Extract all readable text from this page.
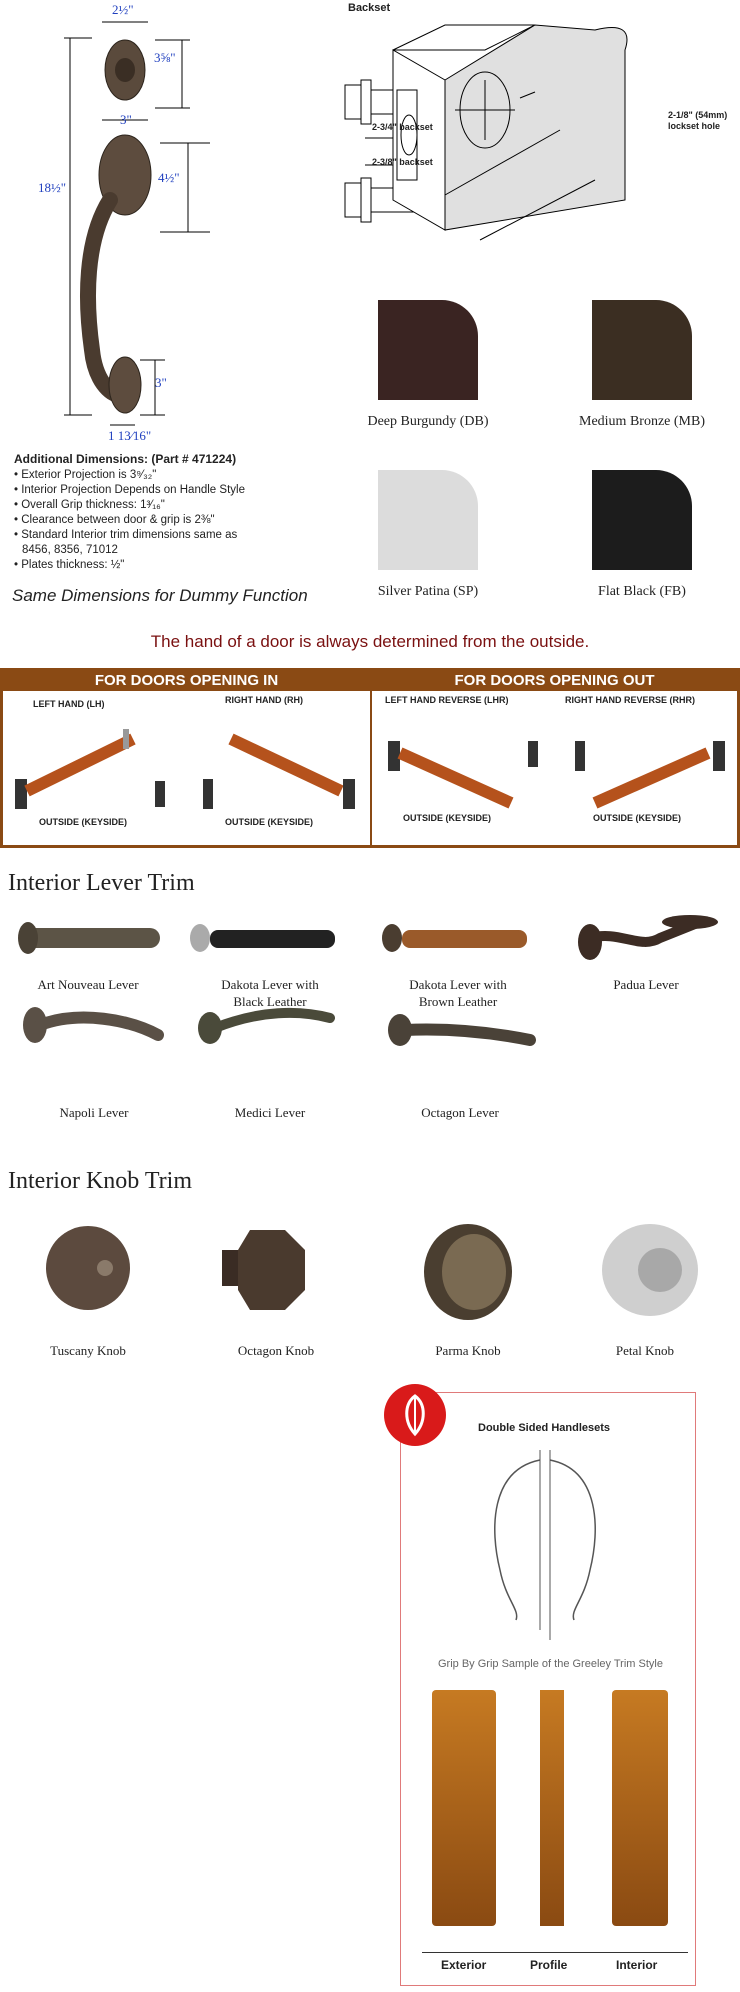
2½"
3⅝"
3"
4½"
18½"
3"
1 13⁄16"
Backset
2-3/4" backset
2-3/8" backset
2-1/8" (54mm) lockset hole
Deep Burgundy (DB)	Medium Bronze (MB)
Silver Patina (SP)	Flat Black (FB)
Additional Dimensions: (Part # 471224)
• Exterior Projection is 3⁹⁄₃₂"
• Interior Projection Depends on Handle Style
• Overall Grip thickness: 1³⁄₁₆"
• Clearance between door & grip is 2⅜"
• Standard Interior trim dimensions same as
8456, 8356, 71012
• Plates thickness: ½"
Same Dimensions for Dummy Function
The hand of a door is always determined from the outside.
FOR DOORS OPENING IN	FOR DOORS OPENING OUT
LEFT HAND (LH)	RIGHT HAND (RH)	LEFT HAND REVERSE (LHR)	RIGHT HAND REVERSE (RHR)
OUTSIDE (KEYSIDE)	OUTSIDE (KEYSIDE)	OUTSIDE (KEYSIDE)	OUTSIDE (KEYSIDE)
Interior Lever Trim
Art Nouveau Lever	Dakota Lever with
Black Leather
Dakota Lever with
Brown Leather
Padua Lever
Napoli Lever	Medici Lever	Octagon Lever
Interior Knob Trim
Tuscany Knob	Octagon Knob	Parma Knob	Petal Knob
Double Sided Handlesets
Grip By Grip Sample of the Greeley Trim Style
Exterior	Profile	Interior
